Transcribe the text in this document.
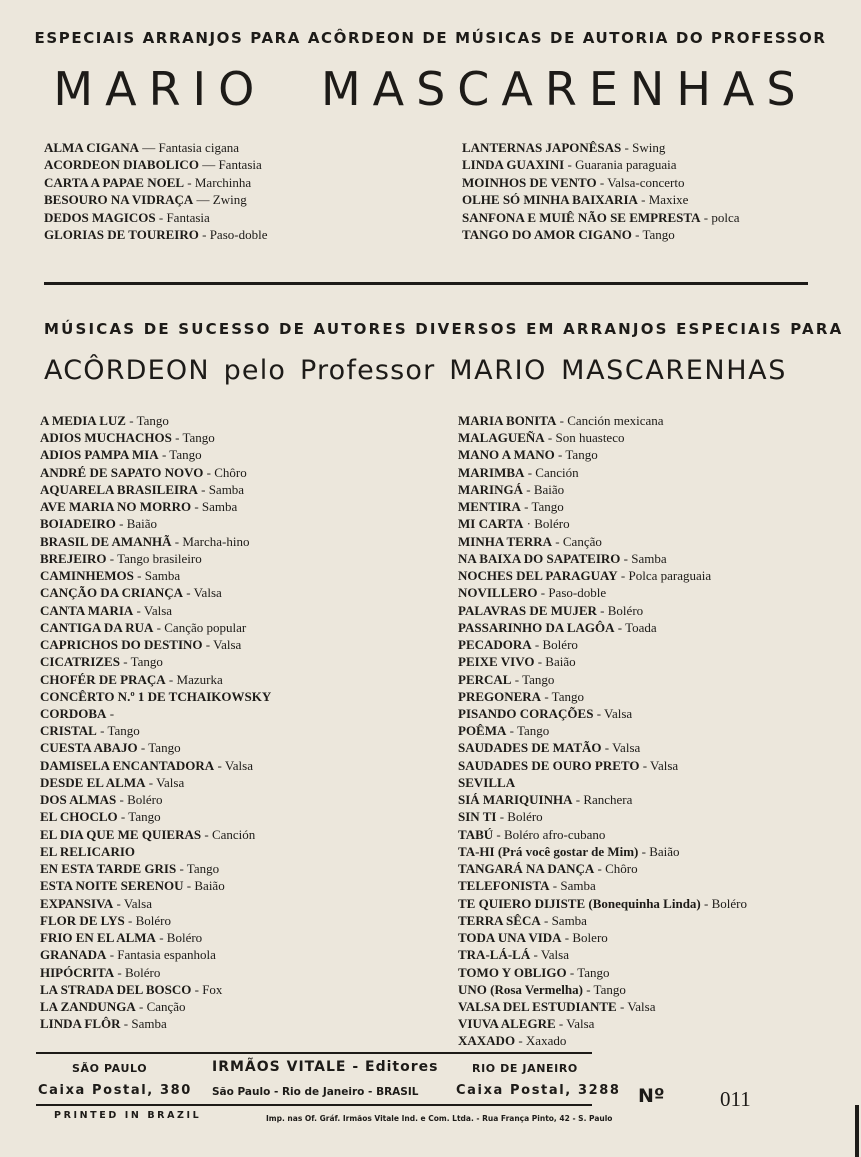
ESPECIAIS ARRANJOS PARA ACÔRDEON DE MÚSICAS DE AUTORIA DO PROFESSOR
MARIO MASCARENHAS
ALMA CIGANA — Fantasia cigana
ACORDEON DIABOLICO — Fantasia
CARTA A PAPAE NOEL - Marchinha
BESOURO NA VIDRAÇA — Zwing
DEDOS MAGICOS - Fantasia
GLORIAS DE TOUREIRO - Paso-doble
LANTERNAS JAPONÊSAS - Swing
LINDA GUAXINI - Guarania paraguaia
MOINHOS DE VENTO - Valsa-concerto
OLHE SÓ MINHA BAIXARIA - Maxixe
SANFONA E MUIÊ NÃO SE EMPRESTA - polca
TANGO DO AMOR CIGANO - Tango
MÚSICAS DE SUCESSO DE AUTORES DIVERSOS EM ARRANJOS ESPECIAIS PARA
ACÔRDEON pelo Professor MARIO MASCARENHAS
A MEDIA LUZ - Tango
ADIOS MUCHACHOS - Tango
ADIOS PAMPA MIA - Tango
ANDRÉ DE SAPATO NOVO - Chôro
AQUARELA BRASILEIRA - Samba
AVE MARIA NO MORRO - Samba
BOIADEIRO - Baião
BRASIL DE AMANHÃ - Marcha-hino
BREJEIRO - Tango brasileiro
CAMINHEMOS - Samba
CANÇÃO DA CRIANÇA - Valsa
CANTA MARIA - Valsa
CANTIGA DA RUA - Canção popular
CAPRICHOS DO DESTINO - Valsa
CICATRIZES - Tango
CHOFÉR DE PRAÇA - Mazurka
CONCÊRTO N.º 1 DE TCHAIKOWSKY
CORDOBA -
CRISTAL - Tango
CUESTA ABAJO - Tango
DAMISELA ENCANTADORA - Valsa
DESDE EL ALMA - Valsa
DOS ALMAS - Boléro
EL CHOCLO - Tango
EL DIA QUE ME QUIERAS - Canción
EL RELICARIO
EN ESTA TARDE GRIS - Tango
ESTA NOITE SERENOU - Baião
EXPANSIVA - Valsa
FLOR DE LYS - Boléro
FRIO EN EL ALMA - Boléro
GRANADA - Fantasia espanhola
HIPÓCRITA - Boléro
LA STRADA DEL BOSCO - Fox
LA ZANDUNGA - Canção
LINDA FLÔR - Samba
MARIA BONITA - Canción mexicana
MALAGUEÑA - Son huasteco
MANO A MANO - Tango
MARIMBA - Canción
MARINGÁ - Baião
MENTIRA - Tango
MI CARTA · Boléro
MINHA TERRA - Canção
NA BAIXA DO SAPATEIRO - Samba
NOCHES DEL PARAGUAY - Polca paraguaia
NOVILLERO - Paso-doble
PALAVRAS DE MUJER - Boléro
PASSARINHO DA LAGÔA - Toada
PECADORA - Boléro
PEIXE VIVO - Baião
PERCAL - Tango
PREGONERA - Tango
PISANDO CORAÇÕES - Valsa
POÊMA - Tango
SAUDADES DE MATÃO - Valsa
SAUDADES DE OURO PRETO - Valsa
SEVILLA
SIÁ MARIQUINHA - Ranchera
SIN TI - Boléro
TABÚ - Boléro afro-cubano
TA-HI (Prá você gostar de Mim) - Baião
TANGARÁ NA DANÇA - Chôro
TELEFONISTA - Samba
TE QUIERO DIJISTE (Bonequinha Linda) - Boléro
TERRA SÊCA - Samba
TODA UNA VIDA - Bolero
TRA-LÁ-LÁ - Valsa
TOMO Y OBLIGO - Tango
UNO (Rosa Vermelha) - Tango
VALSA DEL ESTUDIANTE - Valsa
VIUVA ALEGRE - Valsa
XAXADO - Xaxado
SÃO PAULO
Caixa Postal, 380
IRMÃOS VITALE - Editores
São Paulo - Rio de Janeiro - BRASIL
RIO DE JANEIRO
Caixa Postal, 3288 Nº	011
PRINTED IN BRAZIL	Imp. nas Of. Gráf. Irmãos Vitale Ind. e Com. Ltda. - Rua França Pinto, 42 - S. Paulo
